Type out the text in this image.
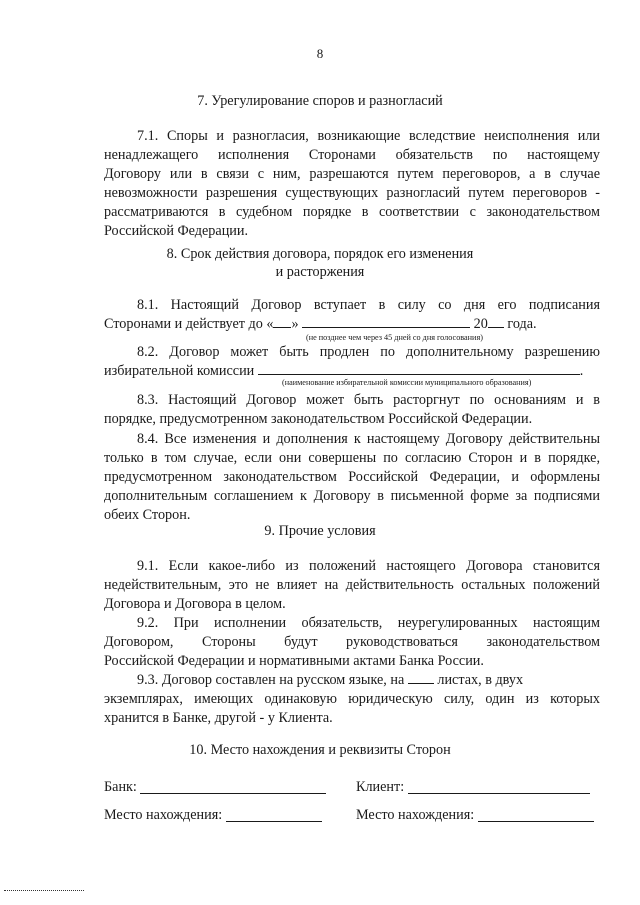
8
7. Урегулирование споров и разногласий
7.1. Споры и разногласия, возникающие вследствие неисполнения или
ненадлежащего исполнения Сторонами обязательств по настоящему
Договору или в связи с ним, разрешаются путем переговоров, а в случае
невозможности разрешения существующих разногласий путем переговоров -
рассматриваются в судебном порядке в соответствии с законодательством
Российской Федерации.
8. Срок действия договора, порядок его изменения
и расторжения
8.1. Настоящий Договор вступает в силу со дня его подписания
Сторонами и действует до « »	20 года.
(не позднее чем через 45 дней со дня голосования)
8.2. Договор может быть продлен по дополнительному разрешению
избирательной комиссии	.
(наименование избирательной комиссии муниципального образования)
8.3. Настоящий Договор может быть расторгнут по основаниям и в
порядке, предусмотренном законодательством Российской Федерации.
8.4. Все изменения и дополнения к настоящему Договору действительны
только в том случае, если они совершены по согласию Сторон и в порядке,
предусмотренном законодательством Российской Федерации, и оформлены
дополнительным соглашением к Договору в письменной форме за подписями
обеих Сторон.
9. Прочие условия
9.1. Если какое-либо из положений настоящего Договора становится
недействительным, это не влияет на действительность остальных положений
Договора и Договора в целом.
9.2. При исполнении обязательств, неурегулированных настоящим
Договором, Стороны будут руководствоваться законодательством
Российской Федерации и нормативными актами Банка России.
9.3. Договор составлен на русском языке, на листах, в двух
экземплярах, имеющих одинаковую юридическую силу, один из которых
хранится в Банке, другой - у Клиента.
10. Место нахождения и реквизиты Сторон
Банк:	Клиент:
Место нахождения:	Место нахождения:
